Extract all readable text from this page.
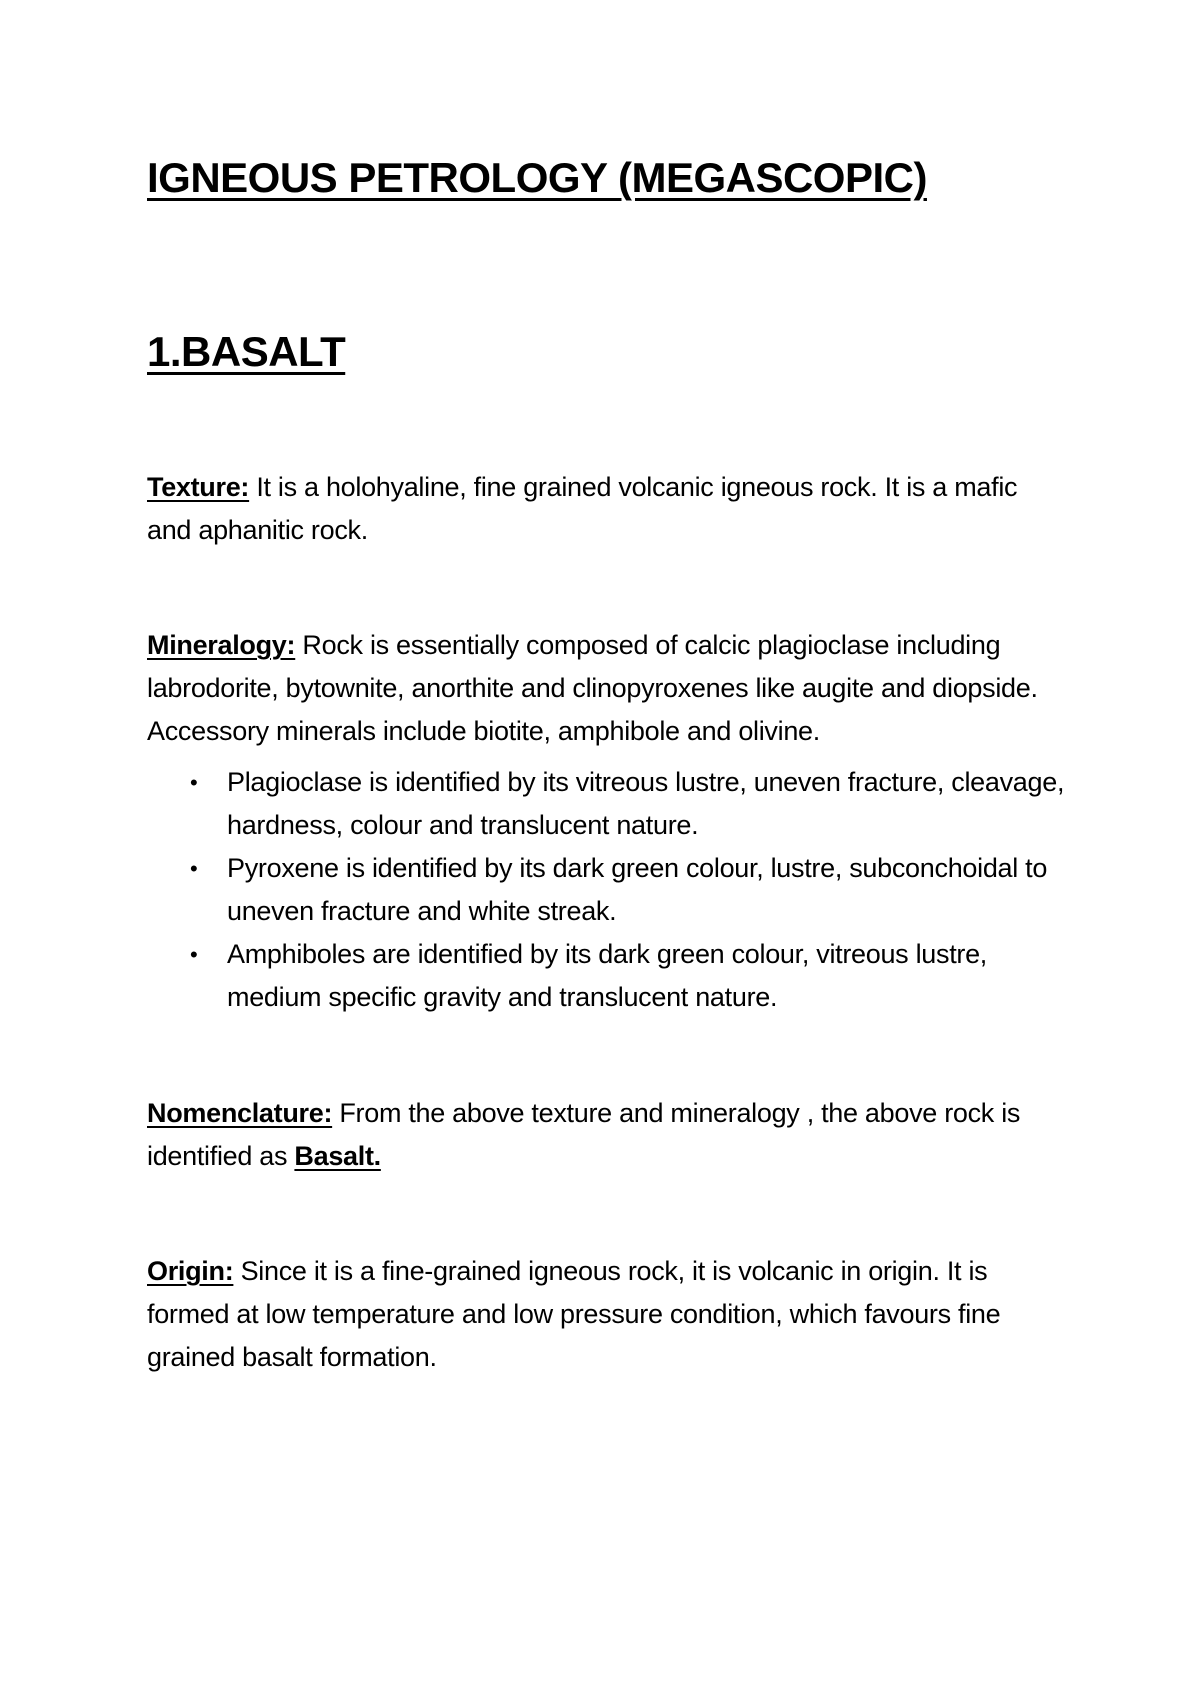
IGNEOUS PETROLOGY (MEGASCOPIC)
1.BASALT

Texture: It is a holohyaline, fine grained volcanic igneous rock. It is a mafic and aphanitic rock.

Mineralogy: Rock is essentially composed of calcic plagioclase including labrodorite, bytownite, anorthite and clinopyroxenes like augite and diopside. Accessory minerals include biotite, amphibole and olivine.

• Plagioclase is identified by its vitreous lustre, uneven fracture, cleavage, hardness, colour and translucent nature.
• Pyroxene is identified by its dark green colour, lustre, subconchoidal to uneven fracture and white streak.
• Amphiboles are identified by its dark green colour, vitreous lustre, medium specific gravity and translucent nature.

Nomenclature: From the above texture and mineralogy , the above rock is identified as Basalt.

Origin: Since it is a fine-grained igneous rock, it is volcanic in origin. It is formed at low temperature and low pressure condition, which favours fine grained basalt formation.
